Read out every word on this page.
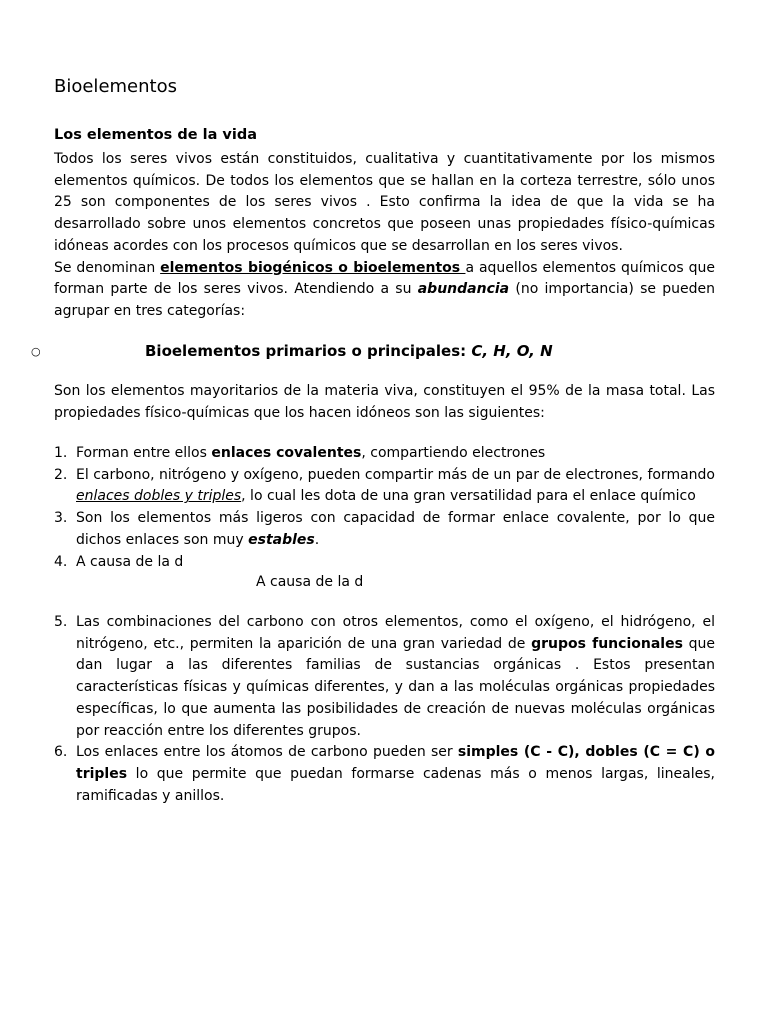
Bioelementos
Los elementos de la vida

Todos los seres vivos están constituidos, cualitativa y cuantitativamente por los mismos elementos químicos. De todos los elementos que se hallan en la corteza terrestre, sólo unos 25 son componentes de los seres vivos . Esto confirma la idea de que la vida se ha desarrollado sobre unos elementos concretos que poseen unas propiedades físico-químicas idóneas acordes con los procesos químicos que se desarrollan en los seres vivos.
Se denominan elementos biogénicos o bioelementos a aquellos elementos químicos que forman parte de los seres vivos. Atendiendo a su abundancia (no importancia) se pueden agrupar en tres categorías:

○	Bioelementos primarios o principales: C, H, O, N

Son los elementos mayoritarios de la materia viva, constituyen el 95% de la masa total. Las propiedades físico-químicas que los hacen idóneos son las siguientes:

1. Forman entre ellos enlaces covalentes, compartiendo electrones
2. El carbono, nitrógeno y oxígeno, pueden compartir más de un par de electrones, formando enlaces dobles y triples, lo cual les dota de una gran versatilidad para el enlace químico
3. Son los elementos más ligeros con capacidad de formar enlace covalente, por lo que dichos enlaces son muy estables.
4. A causa de la d
A causa de la d
5. Las combinaciones del carbono con otros elementos, como el oxígeno, el hidrógeno, el nitrógeno, etc., permiten la aparición de una gran variedad de grupos funcionales que dan lugar a las diferentes familias de sustancias orgánicas . Estos presentan características físicas y químicas diferentes, y dan a las moléculas orgánicas propiedades específicas, lo que aumenta las posibilidades de creación de nuevas moléculas orgánicas por reacción entre los diferentes grupos.
6. Los enlaces entre los átomos de carbono pueden ser simples (C - C), dobles (C = C) o triples lo que permite que puedan formarse cadenas más o menos largas, lineales, ramificadas y anillos.
